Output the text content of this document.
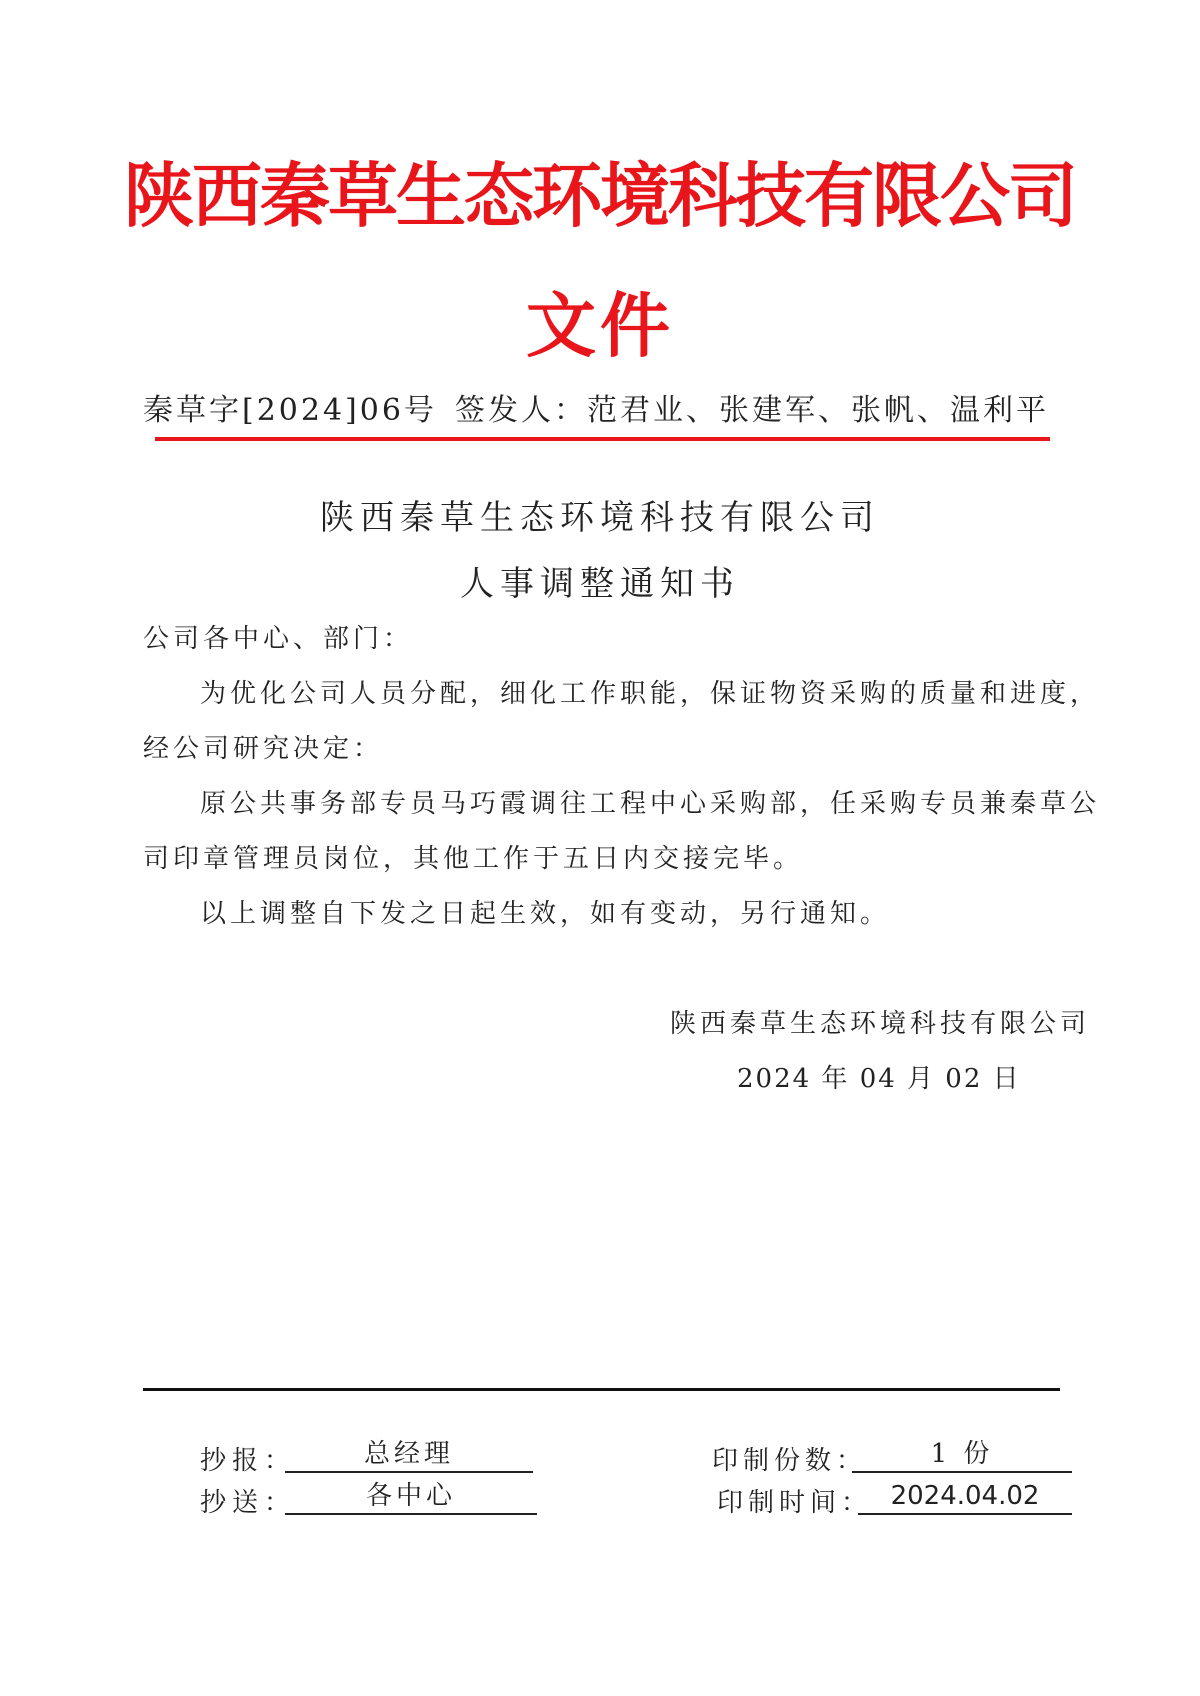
陕西秦草生态环境科技有限公司
文件
秦草字[2024]06号 签发人：范君业、张建军、张帆、温利平
陕西秦草生态环境科技有限公司
人事调整通知书
公司各中心、部门：
为优化公司人员分配，细化工作职能，保证物资采购的质量和进度，
经公司研究决定：
原公共事务部专员马巧霞调往工程中心采购部，任采购专员兼秦草公
司印章管理员岗位，其他工作于五日内交接完毕。
以上调整自下发之日起生效，如有变动，另行通知。
陕西秦草生态环境科技有限公司
2024 年 04 月 02 日
抄报：	总经理
抄送：	各中心
印制份数：	1 份
印制时间： 2024.04.02
